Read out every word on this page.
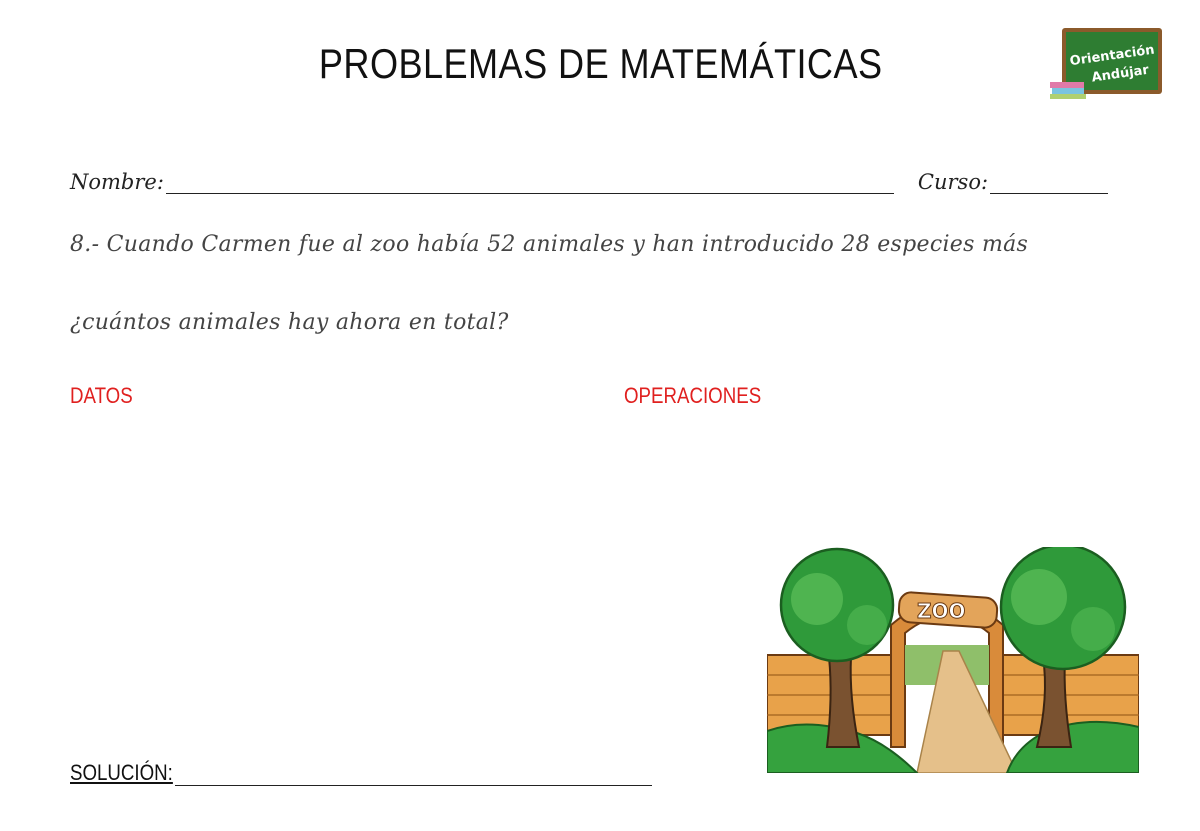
PROBLEMAS DE MATEMÁTICAS	Orientación
Andújar
Nombre:	Curso:
8.- Cuando Carmen fue al zoo había 52 animales y han introducido 28 especies más
¿cuántos animales hay ahora en total?
DATOS	OPERACIONES
SOLUCIÓN:
ZOO
